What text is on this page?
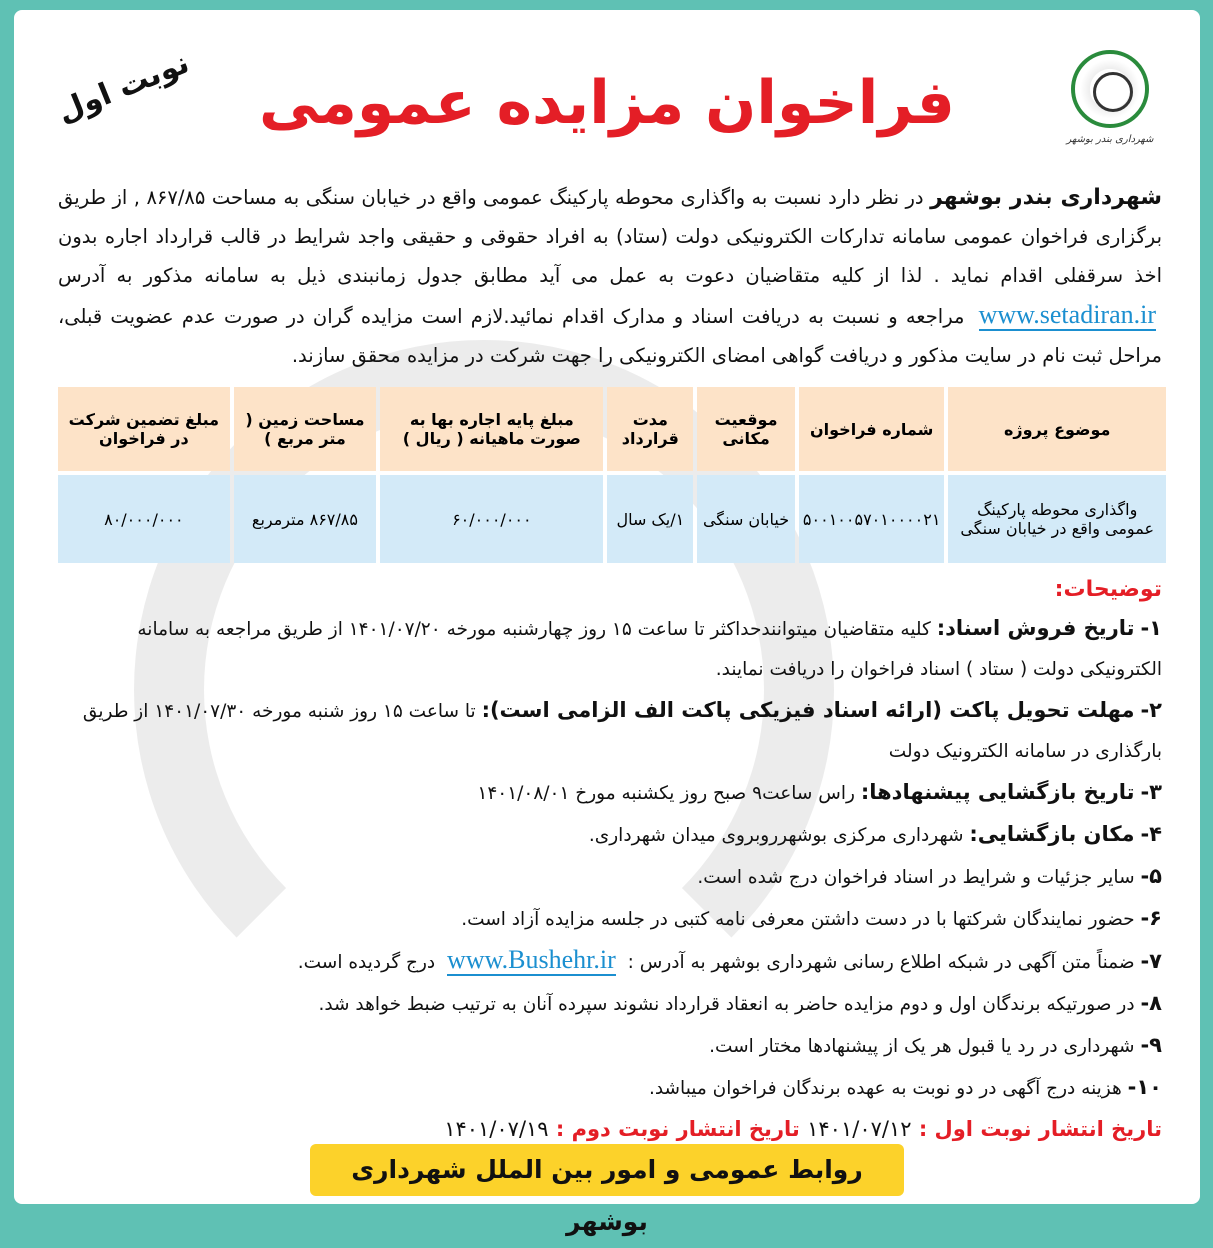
شهرداری بندر بوشهر
فراخوان مزایده عمومی
نوبت اول
شهرداری بندر بوشهر در نظر دارد نسبت به واگذاری محوطه پارکینگ عمومی واقع در خیابان سنگی به مساحت ۸۶۷/۸۵ , از طریق برگزاری فراخوان عمومی سامانه تدارکات الکترونیکی دولت (ستاد) به افراد حقوقی و حقیقی واجد شرایط در قالب قرارداد اجاره بدون اخذ سرقفلی اقدام نماید . لذا از کلیه متقاضیان دعوت به عمل می آید مطابق جدول زمانبندی ذیل به سامانه مذکور به آدرس www.setadiran.ir مراجعه و نسبت به دریافت اسناد و مدارک اقدام نمائید.لازم است مزایده گران در صورت عدم عضویت قبلی، مراحل ثبت نام در سایت مذکور و دریافت گواهی امضای الکترونیکی را جهت شرکت در مزایده محقق سازند.
موضوع پروژه	شماره فراخوان	موقعیت مکانی	مدت قرارداد	مبلغ پایه اجاره بها به صورت ماهیانه ( ریال )	مساحت زمین ( متر مربع )	مبلغ تضمین شرکت در فراخوان
واگذاری محوطه پارکینگ عمومی واقع در خیابان سنگی	۵۰۰۱۰۰۵۷۰۱۰۰۰۰۲۱	خیابان سنگی	۱/یک سال	۶۰/۰۰۰/۰۰۰	۸۶۷/۸۵ مترمربع	۸۰/۰۰۰/۰۰۰
توضیحات:
۱- تاریخ فروش اسناد: کلیه متقاضیان میتوانندحداکثر تا ساعت ۱۵ روز چهارشنبه مورخه ۱۴۰۱/۰۷/۲۰ از طریق مراجعه به سامانه الکترونیکی دولت ( ستاد ) اسناد فراخوان را دریافت نمایند.
۲- مهلت تحویل پاکت (ارائه اسناد فیزیکی پاکت الف الزامی است): تا ساعت ۱۵ روز شنبه مورخه ۱۴۰۱/۰۷/۳۰ از طریق بارگذاری در سامانه الکترونیک دولت
۳- تاریخ بازگشایی پیشنهادها: راس ساعت۹ صبح روز یکشنبه مورخ ۱۴۰۱/۰۸/۰۱
۴- مکان بازگشایی: شهرداری مرکزی بوشهرروبروی میدان شهرداری.
۵- سایر جزئیات و شرایط در اسناد فراخوان درج شده است.
۶- حضور نمایندگان شرکتها با در دست داشتن معرفی نامه کتبی در جلسه مزایده آزاد است.
۷- ضمناً متن آگهی در شبکه اطلاع رسانی شهرداری بوشهر به آدرس : www.Bushehr.ir درج گردیده است.
۸- در صورتیکه برندگان اول و دوم مزایده حاضر به انعقاد قرارداد نشوند سپرده آنان به ترتیب ضبط خواهد شد.
۹- شهرداری در رد یا قبول هر یک از پیشنهادها مختار است.
۱۰- هزینه درج آگهی در دو نوبت به عهده برندگان فراخوان میباشد.
تاریخ انتشار نوبت اول : ۱۴۰۱/۰۷/۱۲ تاریخ انتشار نوبت دوم : ۱۴۰۱/۰۷/۱۹
روابط عمومی و امور بین الملل شهرداری بوشهر
